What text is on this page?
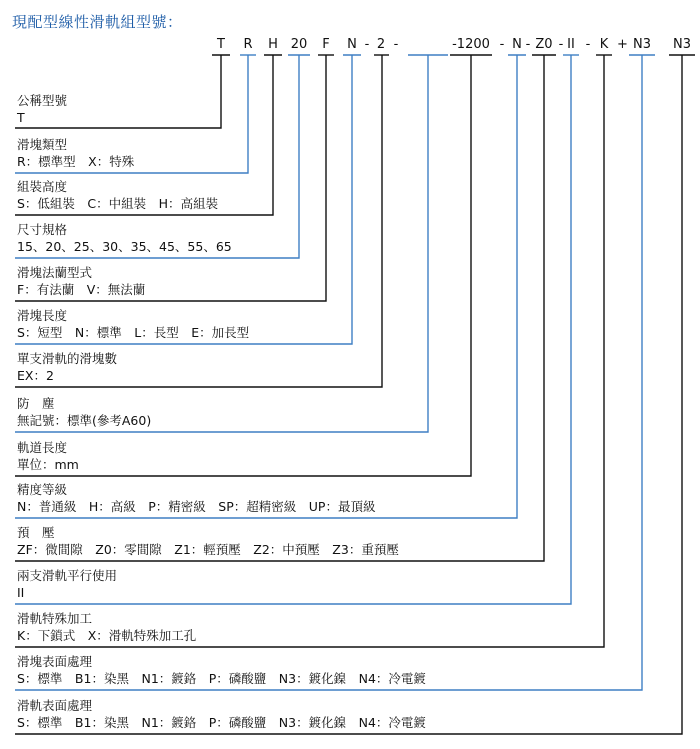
現配型線性滑軌組型號：
T R H 20 F N - 2 -	-1200 - N - Z0 - II - K + N3 N3
公稱型號
T
滑塊類型
R：標準型　X：特殊
組裝高度
S：低組裝　C：中組裝　H：高組裝
尺寸規格
15、20、25、30、35、45、55、65
滑塊法蘭型式
F：有法蘭　V：無法蘭
滑塊長度
S：短型　N：標準　L：長型　E：加長型
單支滑軌的滑塊數
EX：2
防　塵
無記號：標準(參考A60)
軌道長度
單位：mm
精度等級
N：普通級　H：高級　P：精密級　SP：超精密級　UP：最頂級
預　壓
ZF：微間隙　Z0：零間隙　Z1：輕預壓　Z2：中預壓　Z3：重預壓
兩支滑軌平行使用
II
滑軌特殊加工
K：下鎖式　X：滑軌特殊加工孔
滑塊表面處理
S：標準　B1：染黑　N1：鍍鉻　P：磷酸鹽　N3：鍍化鎳　N4：冷電鍍
滑軌表面處理
S：標準　B1：染黑　N1：鍍鉻　P：磷酸鹽　N3：鍍化鎳　N4：冷電鍍
